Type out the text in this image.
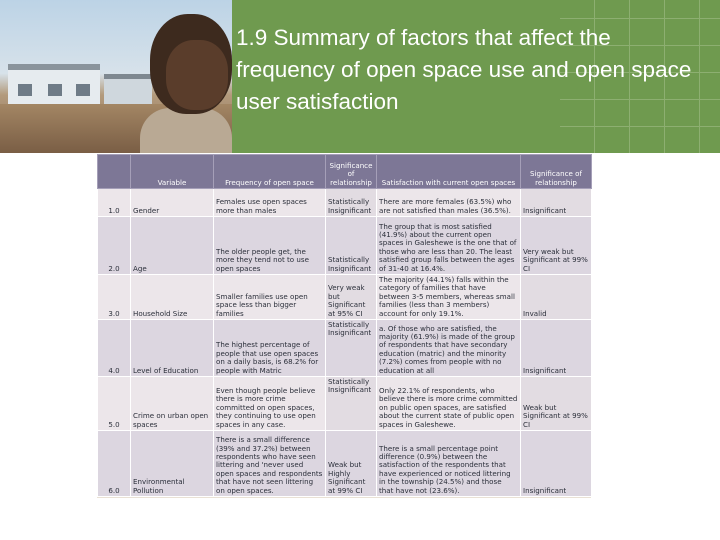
1.9 Summary of factors that affect the frequency of open space use and open space user satisfaction
	Variable	Frequency of open space	Significance of relationship	Satisfaction with current open spaces	Significance of relationship
1.0	Gender	Females use open spaces more than males	Statistically Insignificant	There are more females (63.5%) who are not satisfied than males (36.5%).	Insignificant
2.0	Age	The older people get, the more they tend not to use open spaces	Statistically Insignificant	The group that is most satisfied (41.9%) about the current open spaces in Galeshewe is the one that of those who are less than 20. The least satisfied group falls between the ages of 31-40 at 16.4%.	Very weak but Significant at 99% CI
3.0	Household Size	Smaller families use open space less than bigger families	Very weak but Significant at 95% CI	The majority (44.1%) falls within the category of families that have between 3-5 members, whereas small families (less than 3 members) account for only 19.1%.	Invalid
4.0	Level of Education	The highest percentage of people that use open spaces on a daily basis, is 68.2% for people with Matric	Statistically Insignificant	a. Of those who are satisfied, the majority (61.9%) is made of the group of respondents that have secondary education (matric) and the minority (7.2%) comes from people with no education at all	Insignificant
5.0	Crime on urban open spaces	Even though people believe there is more crime committed on open spaces, they continuing to use open spaces in any case.	Statistically Insignificant	Only 22.1% of respondents, who believe there is more crime committed on public open spaces, are satisfied about the current state of public open spaces in Galeshewe.	Weak but Significant at 99% CI
6.0	Environmental Pollution	There is a small difference (39% and 37.2%) between respondents who have seen littering and 'never used open spaces and respondents that have not seen littering on open spaces.	Weak but Highly Significant at 99% CI	There is a small percentage point difference (0.9%) between the satisfaction of the respondents that have experienced or noticed littering in the township (24.5%) and those that have not (23.6%).	Insignificant
